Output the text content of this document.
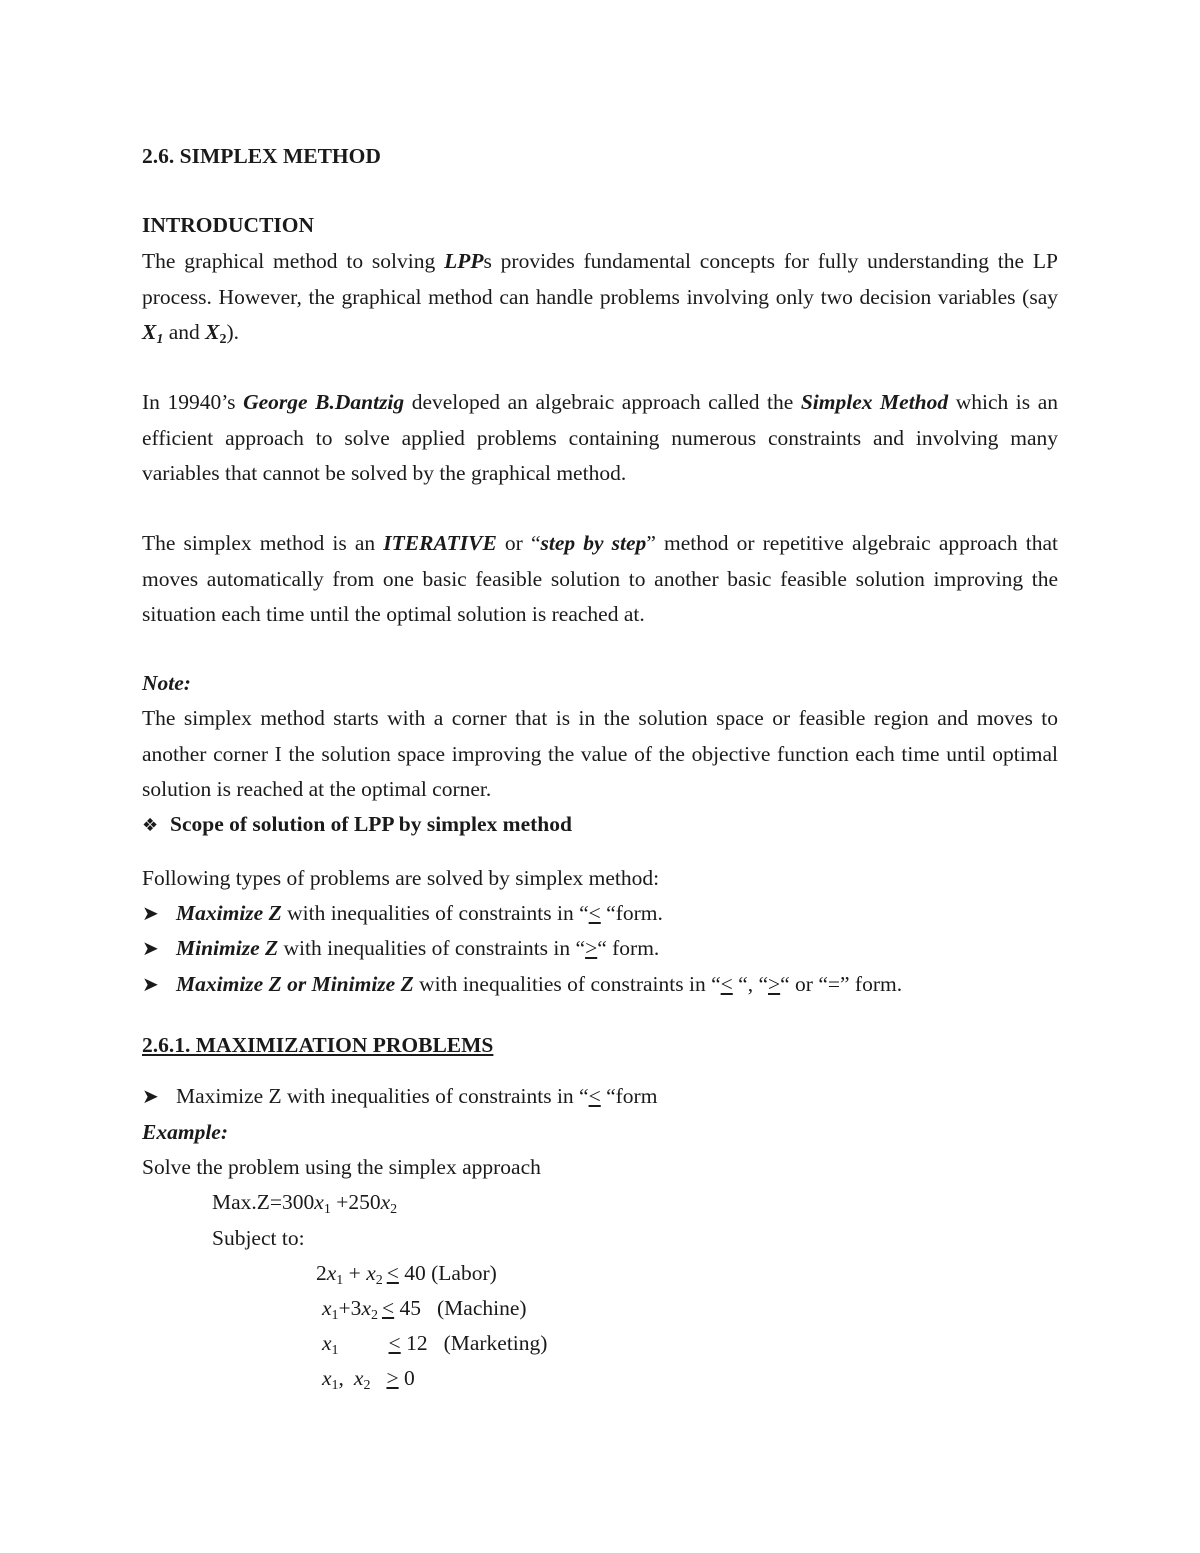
2.6. SIMPLEX METHOD
INTRODUCTION
The graphical method to solving LPPs provides fundamental concepts for fully understanding the LP process. However, the graphical method can handle problems involving only two decision variables (say $X_1$ and $X_2$).
In 19940’s George B.Dantzig developed an algebraic approach called the Simplex Method which is an efficient approach to solve applied problems containing numerous constraints and involving many variables that cannot be solved by the graphical method.
The simplex method is an ITERATIVE or “step by step” method or repetitive algebraic approach that moves automatically from one basic feasible solution to another basic feasible solution improving the situation each time until the optimal solution is reached at.
Note:
The simplex method starts with a corner that is in the solution space or feasible region and moves to another corner I the solution space improving the value of the objective function each time until optimal solution is reached at the optimal corner.
❖ Scope of solution of LPP by simplex method
Following types of problems are solved by simplex method:
➤ Maximize Z with inequalities of constraints in “< “form.
➤ Minimize Z with inequalities of constraints in “>“ form.
➤ Maximize Z or Minimize Z with inequalities of constraints in “< “, “>“ or “=” form.
2.6.1. MAXIMIZATION PROBLEMS
➤ Maximize Z with inequalities of constraints in “< “form
Example:
Solve the problem using the simplex approach
$Max.Z=300x_1 +250x_2$
Subject to:
$2x_1 + x_2 < 40$ (Labor)
$x_1+3x_2 < 45$ (Machine)
$x_1 < 12$ (Marketing)
$x_1$, $x_2 > 0$
